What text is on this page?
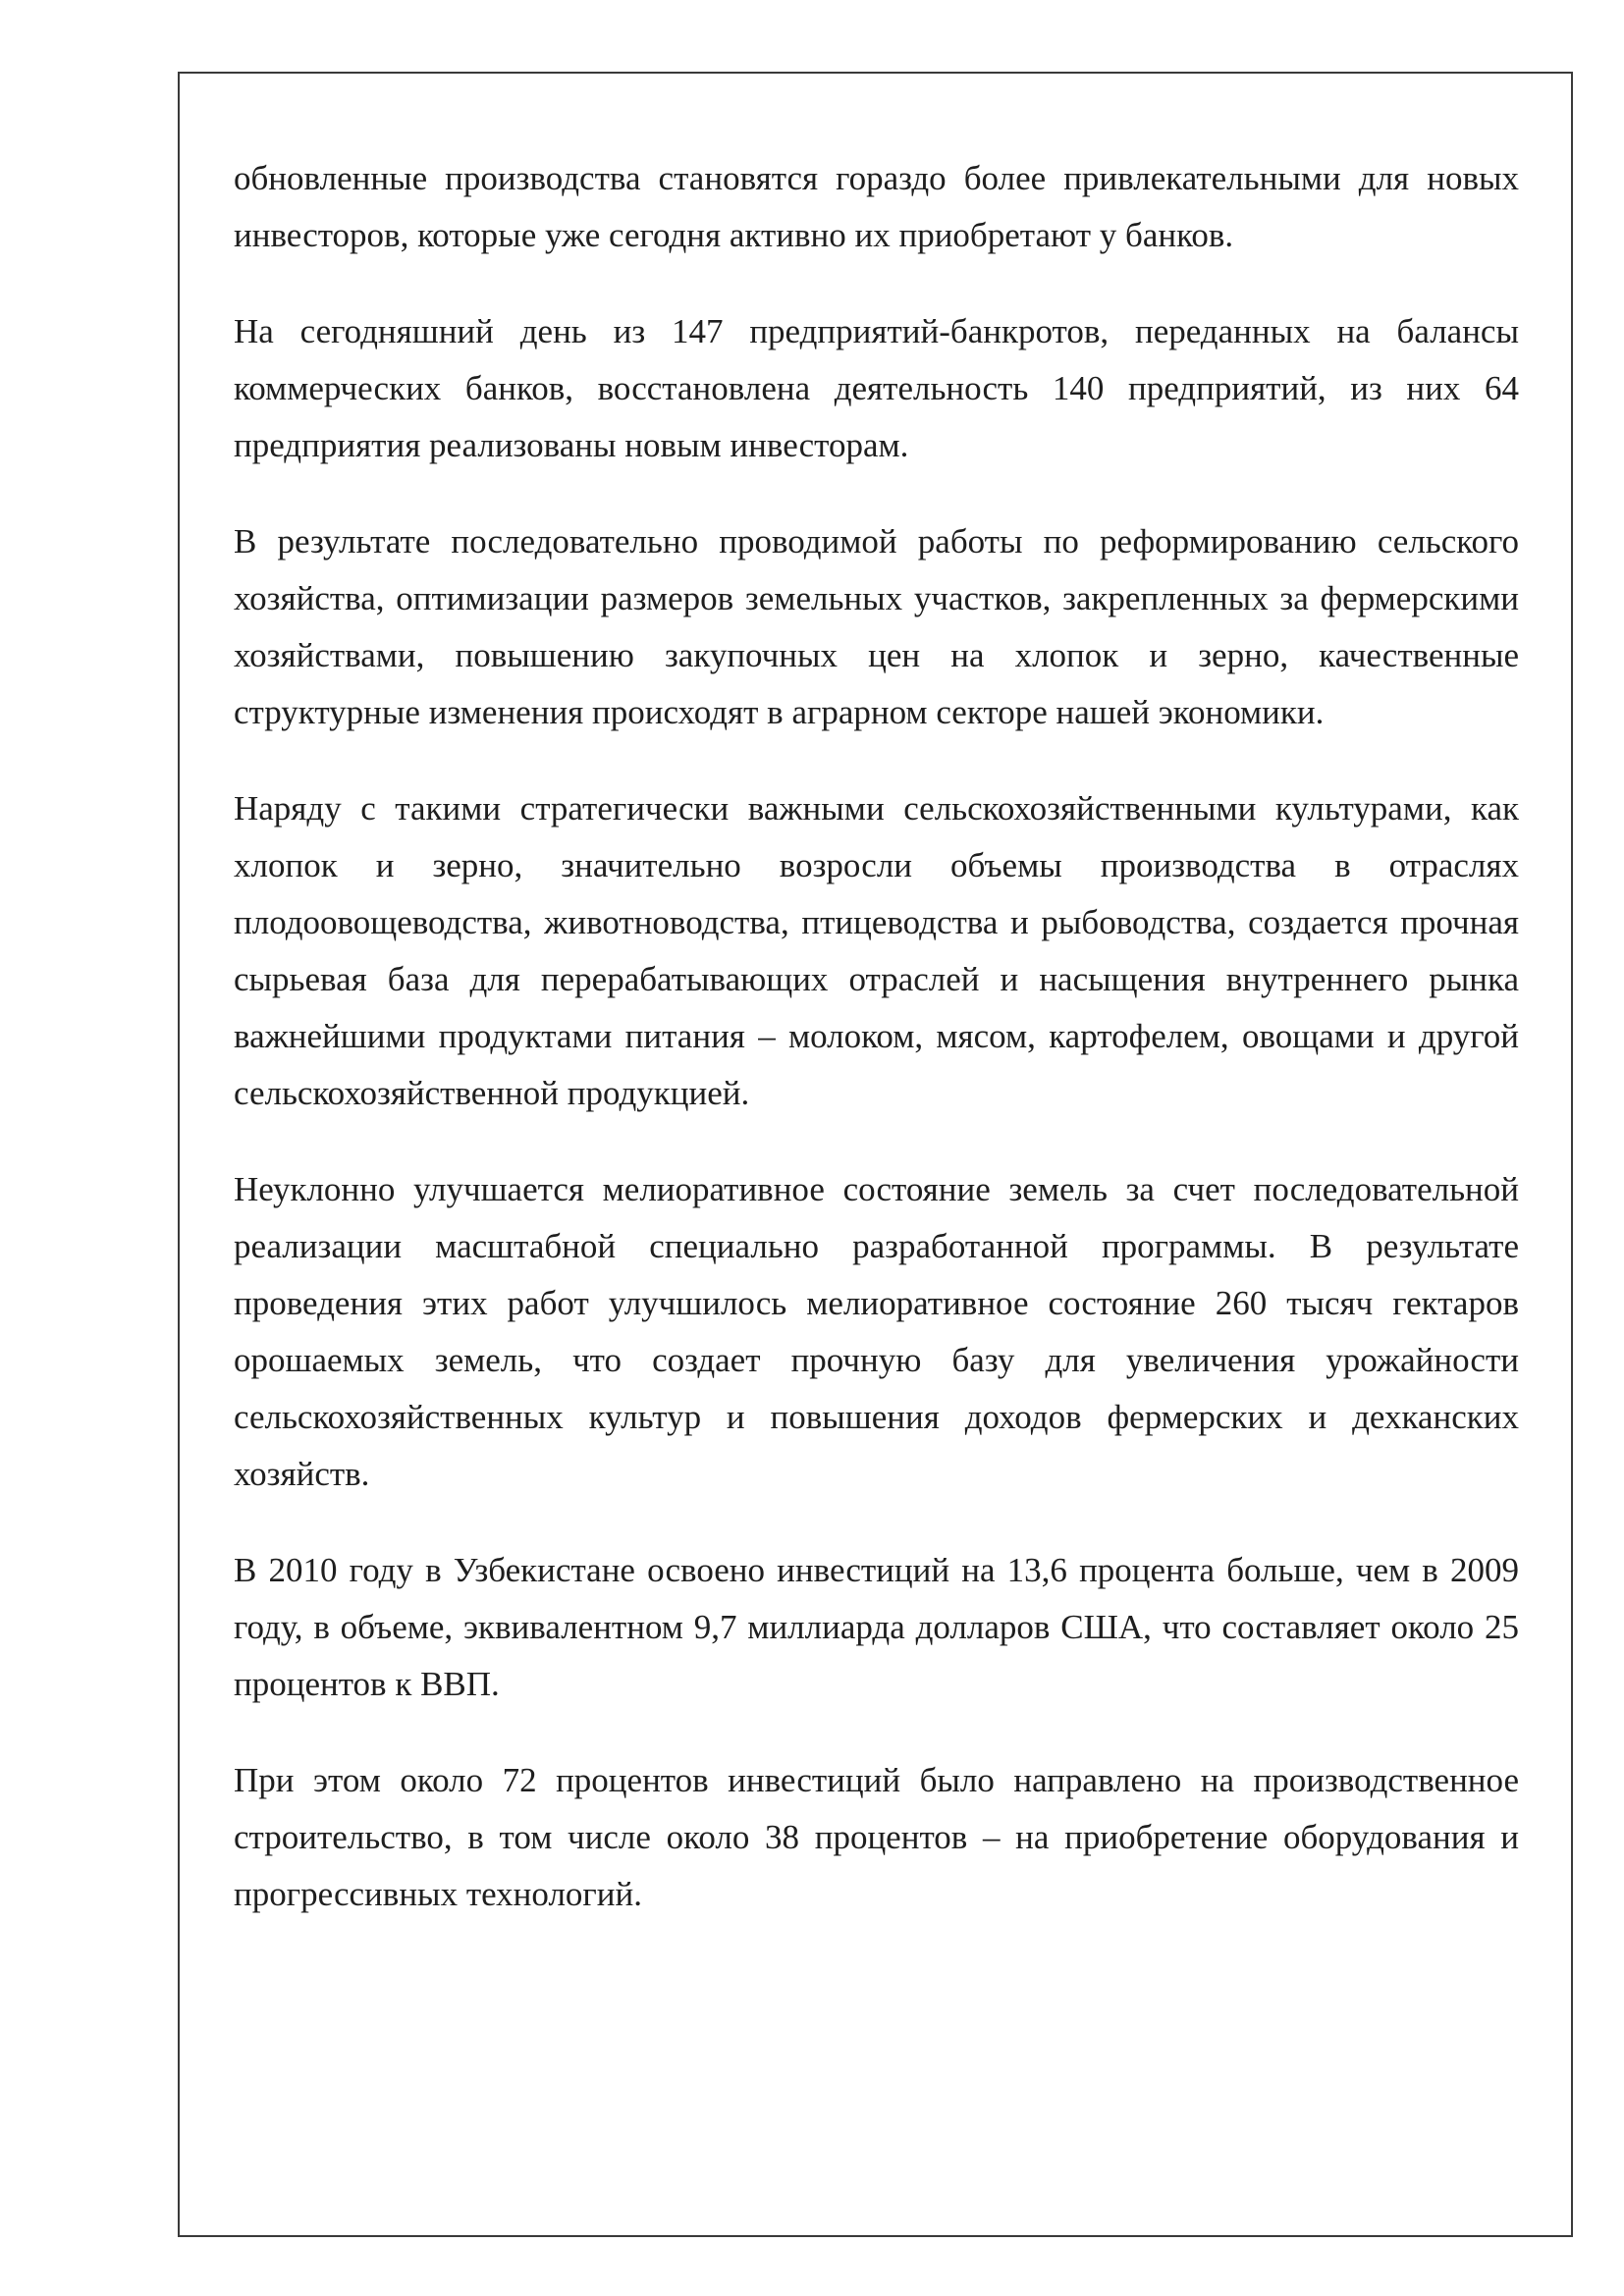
обновленные производства становятся гораздо более привлекательными для новых инвесторов, которые уже сегодня активно их приобретают у банков.

На сегодняшний день из 147 предприятий-банкротов, переданных на балансы коммерческих банков, восстановлена деятельность 140 предприятий, из них 64 предприятия реализованы новым инвесторам.

В результате последовательно проводимой работы по реформированию сельского хозяйства, оптимизации размеров земельных участков, закрепленных за фермерскими хозяйствами, повышению закупочных цен на хлопок и зерно, качественные структурные изменения происходят в аграрном секторе нашей экономики.

Наряду с такими стратегически важными сельскохозяйственными культурами, как хлопок и зерно, значительно возросли объемы производства в отраслях плодоовощеводства, животноводства, птицеводства и рыбоводства, создается прочная сырьевая база для перерабатывающих отраслей и насыщения внутреннего рынка важнейшими продуктами питания – молоком, мясом, картофелем, овощами и другой сельскохозяйственной продукцией.

Неуклонно улучшается мелиоративное состояние земель за счет последовательной реализации масштабной специально разработанной программы. В результате проведения этих работ улучшилось мелиоративное состояние 260 тысяч гектаров орошаемых земель, что создает прочную базу для увеличения урожайности сельскохозяйственных культур и повышения доходов фермерских и дехканских хозяйств.

В 2010 году в Узбекистане освоено инвестиций на 13,6 процента больше, чем в 2009 году, в объеме, эквивалентном 9,7 миллиарда долларов США, что составляет около 25 процентов к ВВП.

При этом около 72 процентов инвестиций было направлено на производственное строительство, в том числе около 38 процентов – на приобретение оборудования и прогрессивных технологий.
